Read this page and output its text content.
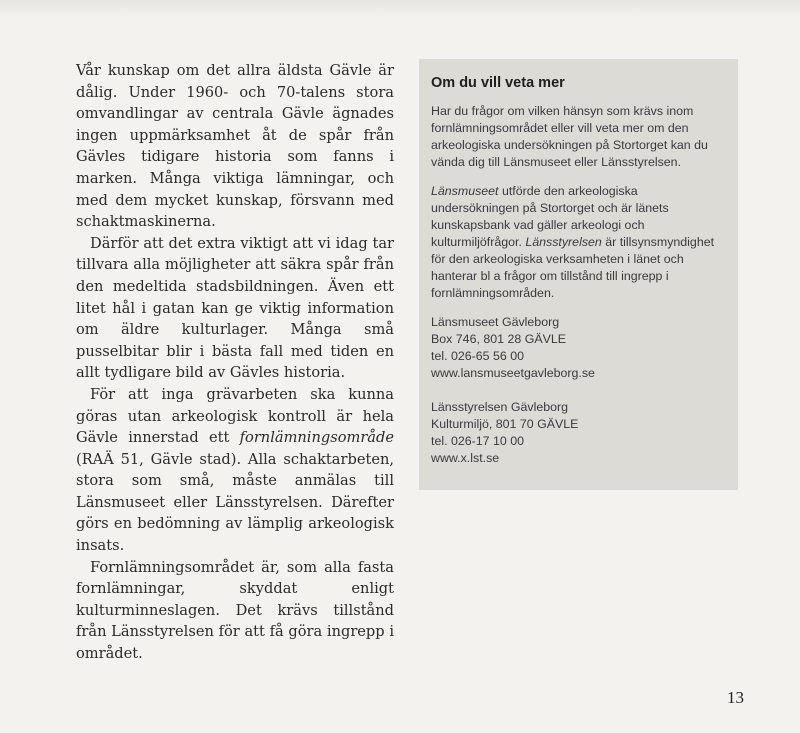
Vår kunskap om det allra äldsta Gävle är dålig. Under 1960- och 70-talens stora omvandlingar av centrala Gävle ägnades ingen uppmärksamhet åt de spår från Gävles tidigare historia som fanns i marken. Många viktiga lämningar, och med dem mycket kunskap, försvann med schaktmaskinerna.

Därför att det extra viktigt att vi idag tar tillvara alla möjligheter att säkra spår från den medeltida stadsbildningen. Även ett litet hål i gatan kan ge viktig information om äldre kulturlager. Många små pusselbitar blir i bästa fall med tiden en allt tydligare bild av Gävles historia.

För att inga grävarbeten ska kunna göras utan arkeologisk kontroll är hela Gävle innerstad ett fornlämningsområde (RAÄ 51, Gävle stad). Alla schaktarbeten, stora som små, måste anmälas till Länsmuseet eller Länsstyrelsen. Därefter görs en bedömning av lämplig arkeologisk insats.

Fornlämningsområdet är, som alla fasta fornlämningar, skyddat enligt kulturminneslagen. Det krävs tillstånd från Länsstyrelsen för att få göra ingrepp i området.

Om du vill veta mer

Har du frågor om vilken hänsyn som krävs inom fornlämningsområdet eller vill veta mer om den arkeologiska undersökningen på Stortorget kan du vända dig till Länsmuseet eller Länsstyrelsen.

Länsmuseet utförde den arkeologiska undersökningen på Stortorget och är länets kunskapsbank vad gäller arkeologi och kulturmiljöfrågor. Länsstyrelsen är tillsynsmyndighet för den arkeologiska verksamheten i länet och hanterar bl a frågor om tillstånd till ingrepp i fornlämningsområden.

Länsmuseet Gävleborg
Box 746, 801 28 GÄVLE
tel. 026-65 56 00
www.lansmuseetgavleborg.se

Länsstyrelsen Gävleborg
Kulturmiljö, 801 70 GÄVLE
tel. 026-17 10 00
www.x.lst.se

13
